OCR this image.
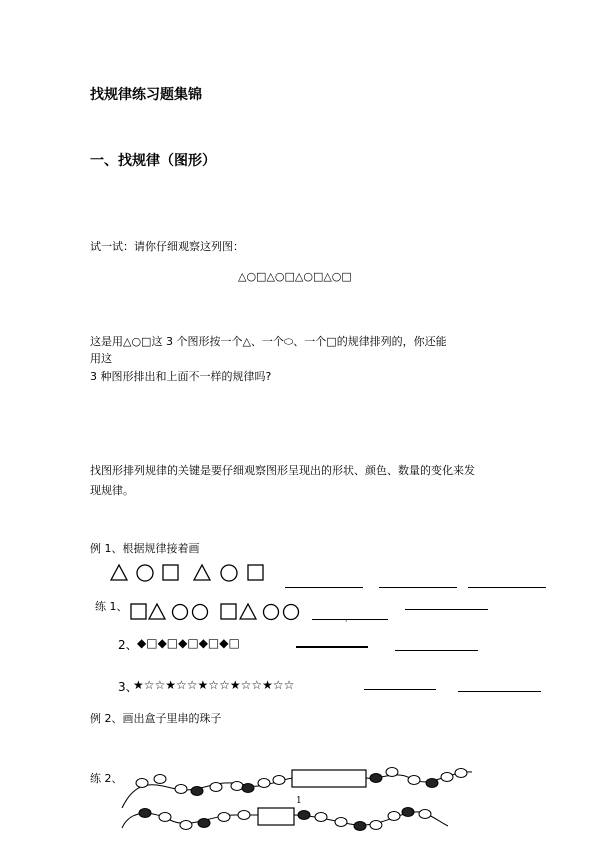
找规律练习题集锦
一、找规律（图形）
试一试：请你仔细观察这列图：
△○□△○□△○□△○□
这是用△○□这 3 个图形按一个△、一个⬭、一个□的规律排列的，你还能
用这
3 种图形排出和上面不一样的规律吗?
找图形排列规律的关键是要仔细观察图形呈现出的形状、颜色、数量的变化来发
现规律。
例 1、根据规律接着画
练 1、
ˈ
2、 ◆□◆□◆□◆□◆□
3、
★☆☆★☆☆★☆☆★☆☆★☆☆
例 2、画出盒子里串的珠子
练 2、
1
